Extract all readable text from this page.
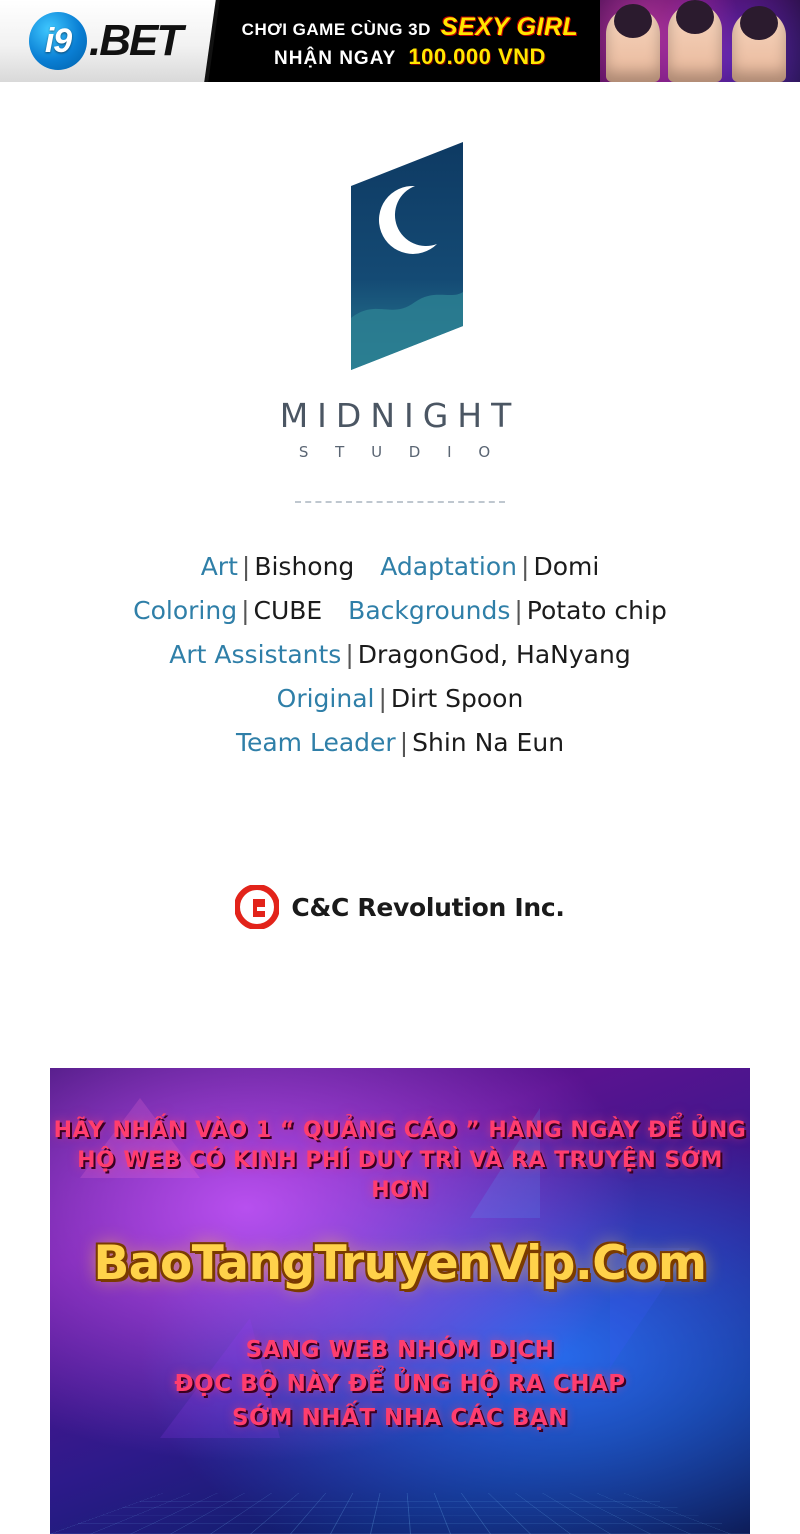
i9 .BET	CHƠI GAME CÙNG 3D SEXY GIRL
NHẬN NGAY 100.000 VND
MIDNIGHT
S T U D I O
Art | Bishong Adaptation | Domi
Coloring | CUBE Backgrounds | Potato chip
Art Assistants | DragonGod, HaNyang
Original | Dirt Spoon
Team Leader | Shin Na Eun
C&C Revolution Inc.
HÃY NHẤN VÀO 1 “ QUẢNG CÁO ” HÀNG NGÀY ĐỂ ỦNG
HỘ WEB CÓ KINH PHÍ DUY TRÌ VÀ RA TRUYỆN SỚM HƠN
BaoTangTruyenVip.Com
SANG WEB NHÓM DỊCH
ĐỌC BỘ NÀY ĐỂ ỦNG HỘ RA CHAP
SỚM NHẤT NHA CÁC BẠN
